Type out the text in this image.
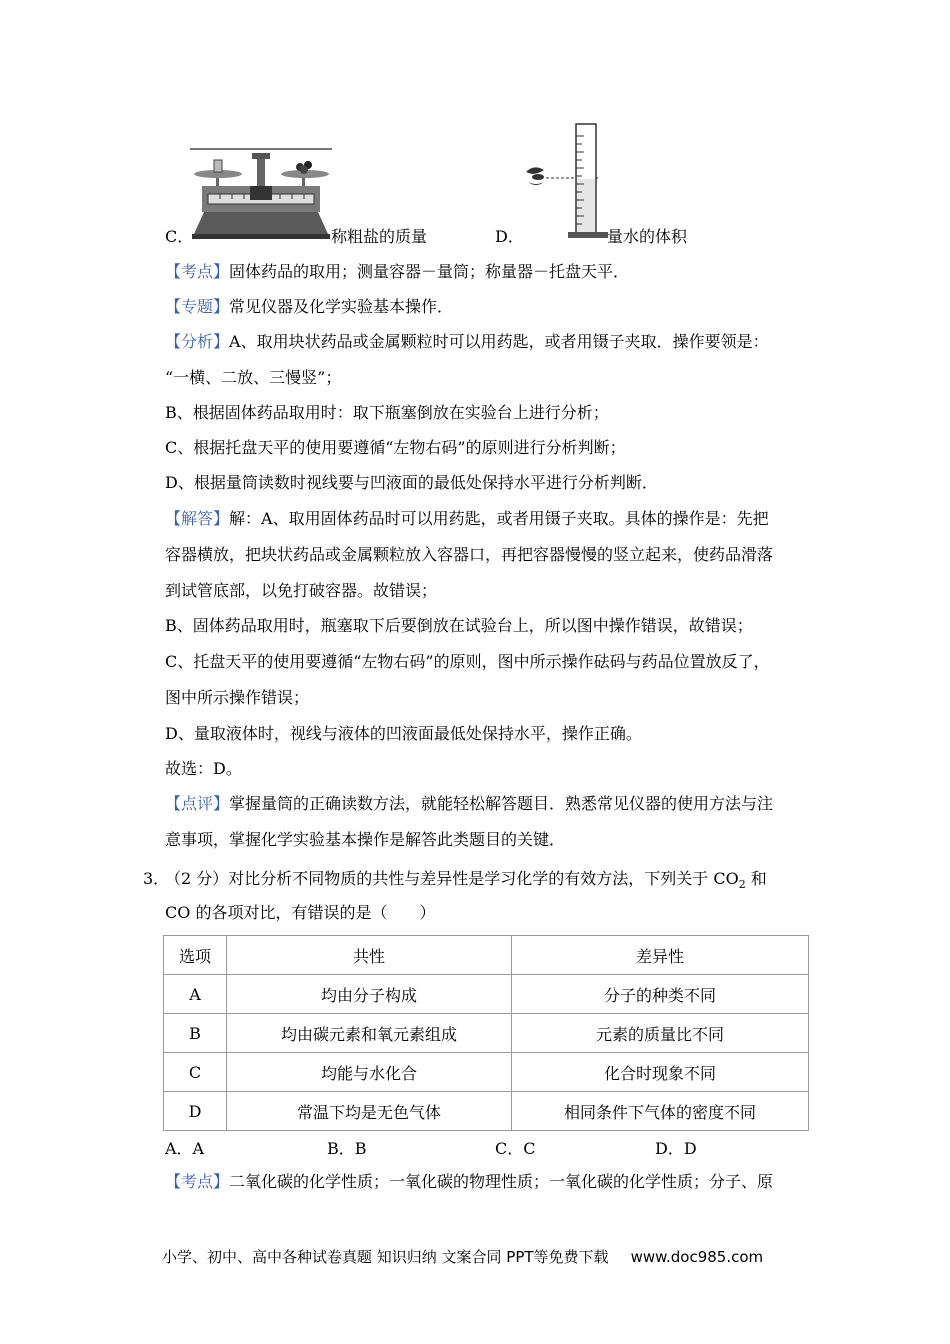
C．	称粗盐的质量	D．	量水的体积
【考点】固体药品的取用；测量容器－量筒；称量器－托盘天平．
【专题】常见仪器及化学实验基本操作．
【分析】A、取用块状药品或金属颗粒时可以用药匙，或者用镊子夹取．操作要领是：
“一横、二放、三慢竖”；
B、根据固体药品取用时：取下瓶塞倒放在实验台上进行分析；
C、根据托盘天平的使用要遵循“左物右码”的原则进行分析判断；
D、根据量筒读数时视线要与凹液面的最低处保持水平进行分析判断．
【解答】解：A、取用固体药品时可以用药匙，或者用镊子夹取。具体的操作是：先把
容器横放，把块状药品或金属颗粒放入容器口，再把容器慢慢的竖立起来，使药品滑落
到试管底部，以免打破容器。故错误；
B、固体药品取用时，瓶塞取下后要倒放在试验台上，所以图中操作错误，故错误；
C、托盘天平的使用要遵循“左物右码”的原则，图中所示操作砝码与药品位置放反了，
图中所示操作错误；
D、量取液体时，视线与液体的凹液面最低处保持水平，操作正确。
故选：D。
【点评】掌握量筒的正确读数方法，就能轻松解答题目．熟悉常见仪器的使用方法与注
意事项，掌握化学实验基本操作是解答此类题目的关键．
3．
（2 分）对比分析不同物质的共性与差异性是学习化学的有效方法，下列关于 $CO_2$ 和
CO 的各项对比，有错误的是（　　）
选项	共性	差异性
A	均由分子构成	分子的种类不同
B	均由碳元素和氧元素组成	元素的质量比不同
C	均能与水化合	化合时现象不同
D	常温下均是无色气体	相同条件下气体的密度不同
A．A	B．B	C．C	D．D
【考点】二氧化碳的化学性质；一氧化碳的物理性质；一氧化碳的化学性质；分子、原
小学、初中、高中各种试卷真题 知识归纳 文案合同 PPT等免费下载 www.doc985.com
